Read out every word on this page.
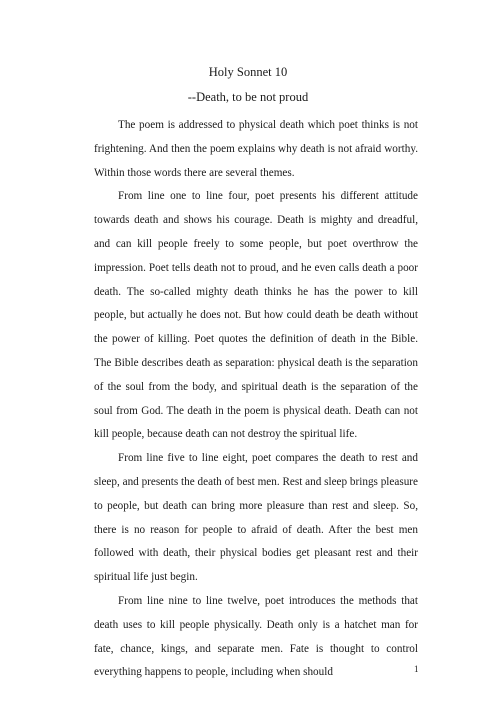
Holy Sonnet 10
--Death, to be not proud

The poem is addressed to physical death which poet thinks is not frightening. And then the poem explains why death is not afraid worthy. Within those words there are several themes.

From line one to line four, poet presents his different attitude towards death and shows his courage. Death is mighty and dreadful, and can kill people freely to some people, but poet overthrow the impression. Poet tells death not to proud, and he even calls death a poor death. The so-called mighty death thinks he has the power to kill people, but actually he does not. But how could death be death without the power of killing. Poet quotes the definition of death in the Bible. The Bible describes death as separation: physical death is the separation of the soul from the body, and spiritual death is the separation of the soul from God. The death in the poem is physical death. Death can not kill people, because death can not destroy the spiritual life.

From line five to line eight, poet compares the death to rest and sleep, and presents the death of best men. Rest and sleep brings pleasure to people, but death can bring more pleasure than rest and sleep. So, there is no reason for people to afraid of death. After the best men followed with death, their physical bodies get pleasant rest and their spiritual life just begin.

From line nine to line twelve, poet introduces the methods that death uses to kill people physically. Death only is a hatchet man for fate, chance, kings, and separate men. Fate is thought to control everything happens to people, including when should	1
